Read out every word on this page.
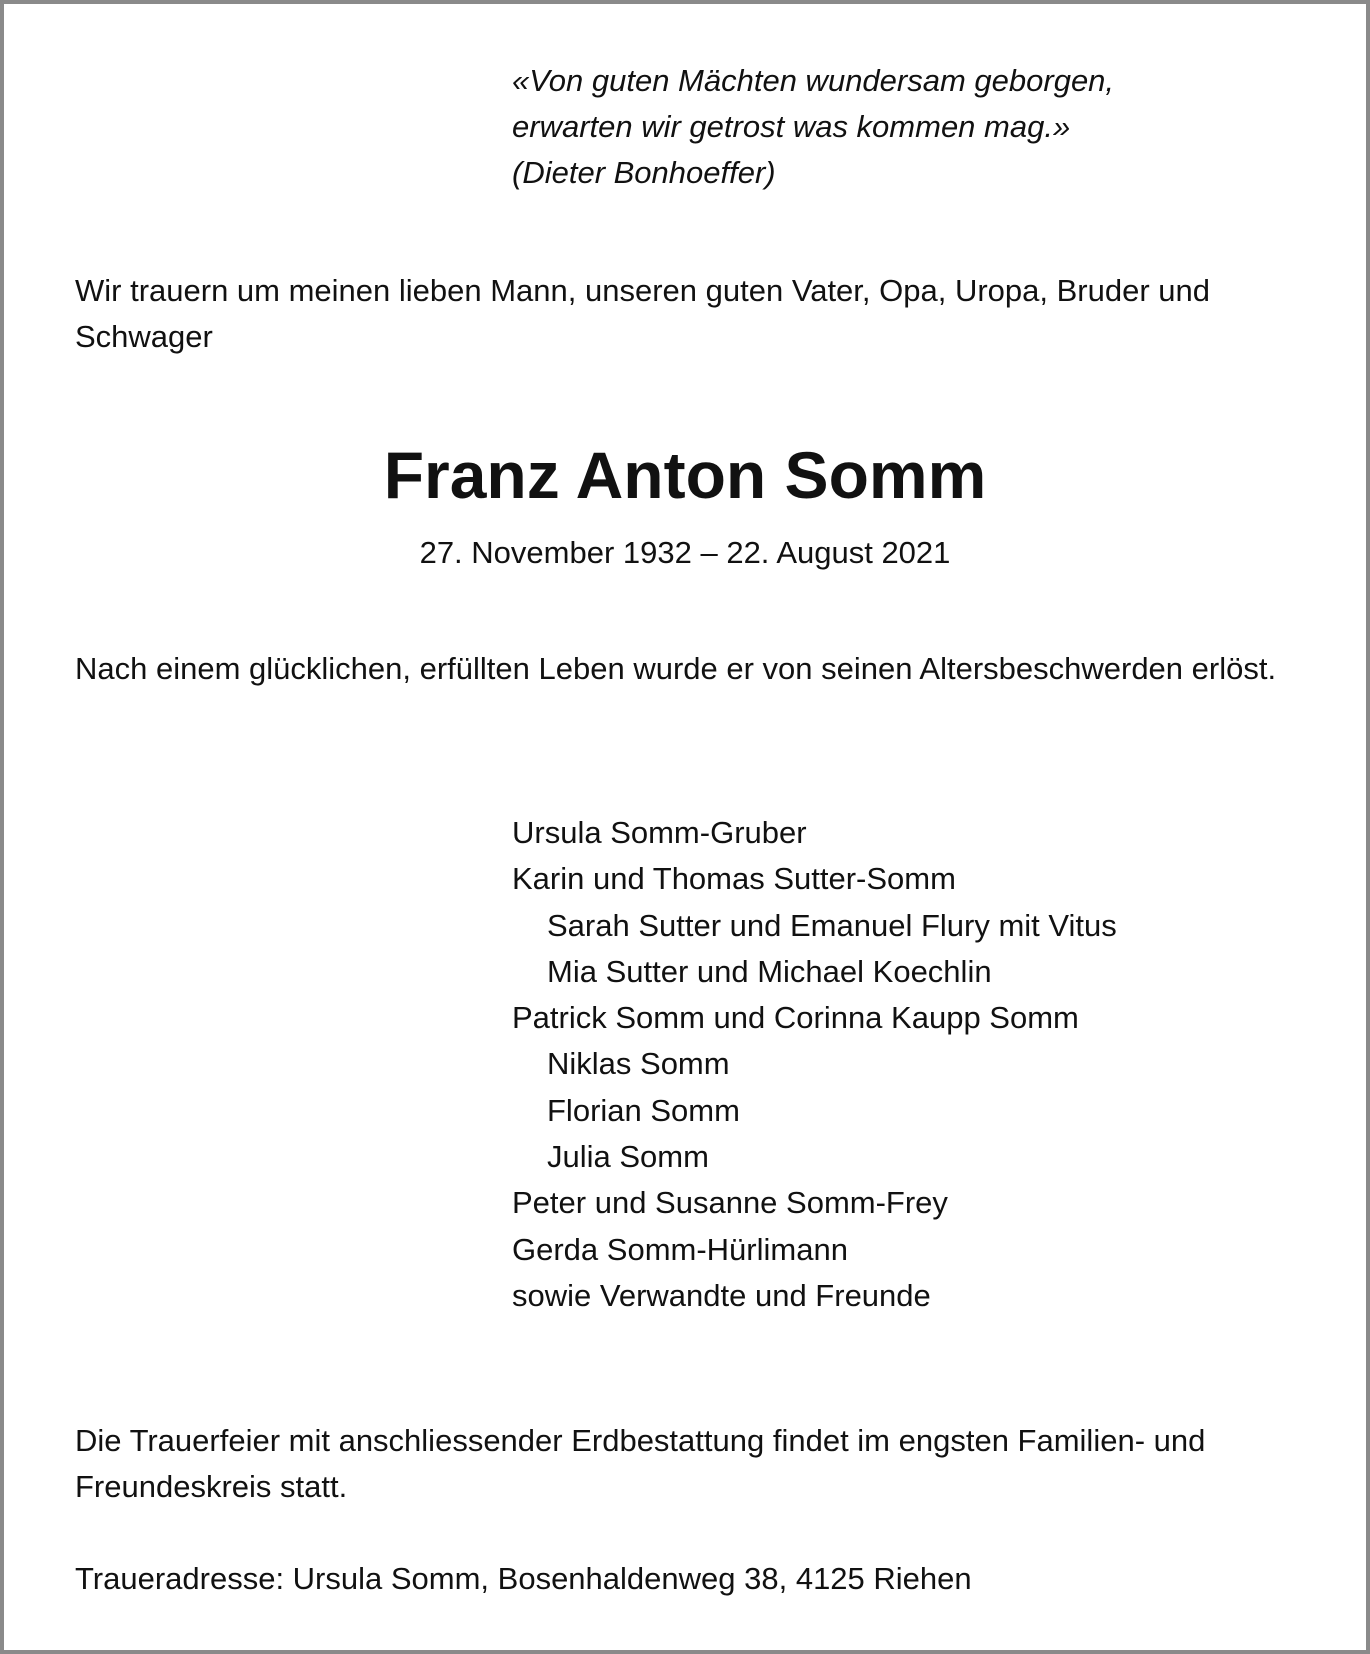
«Von guten Mächten wundersam geborgen,
erwarten wir getrost was kommen mag.»
(Dieter Bonhoeffer)
Wir trauern um meinen lieben Mann, unseren guten Vater, Opa, Uropa, Bruder und Schwager
Franz Anton Somm
27. November 1932 – 22. August 2021
Nach einem glücklichen, erfüllten Leben wurde er von seinen Altersbeschwerden erlöst.
Ursula Somm-Gruber
Karin und Thomas Sutter-Somm
Sarah Sutter und Emanuel Flury mit Vitus
Mia Sutter und Michael Koechlin
Patrick Somm und Corinna Kaupp Somm
Niklas Somm
Florian Somm
Julia Somm
Peter und Susanne Somm-Frey
Gerda Somm-Hürlimann
sowie Verwandte und Freunde
Die Trauerfeier mit anschliessender Erdbestattung findet im engsten Familien- und Freundeskreis statt.
Traueradresse: Ursula Somm, Bosenhaldenweg 38, 4125 Riehen
